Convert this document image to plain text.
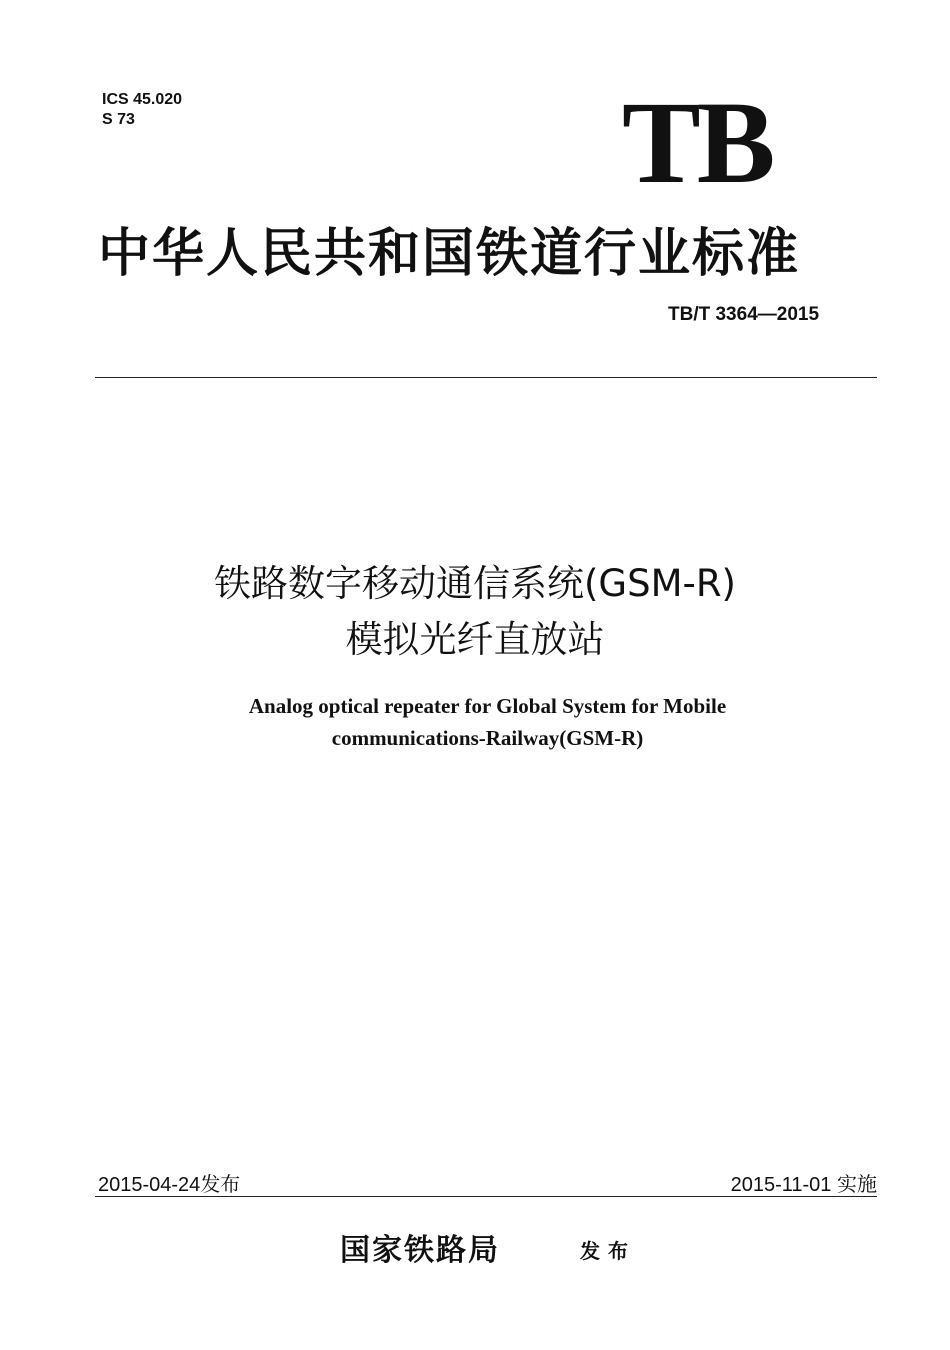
ICS 45.020
S 73	TB
中华人民共和国铁道行业标准
TB/T 3364—2015
铁路数字移动通信系统(GSM-R)
模拟光纤直放站
Analog optical repeater for Global System for Mobile
communications-Railway(GSM-R)
2015-04-24发布	2015-11-01 实施
国家铁路局	发布
